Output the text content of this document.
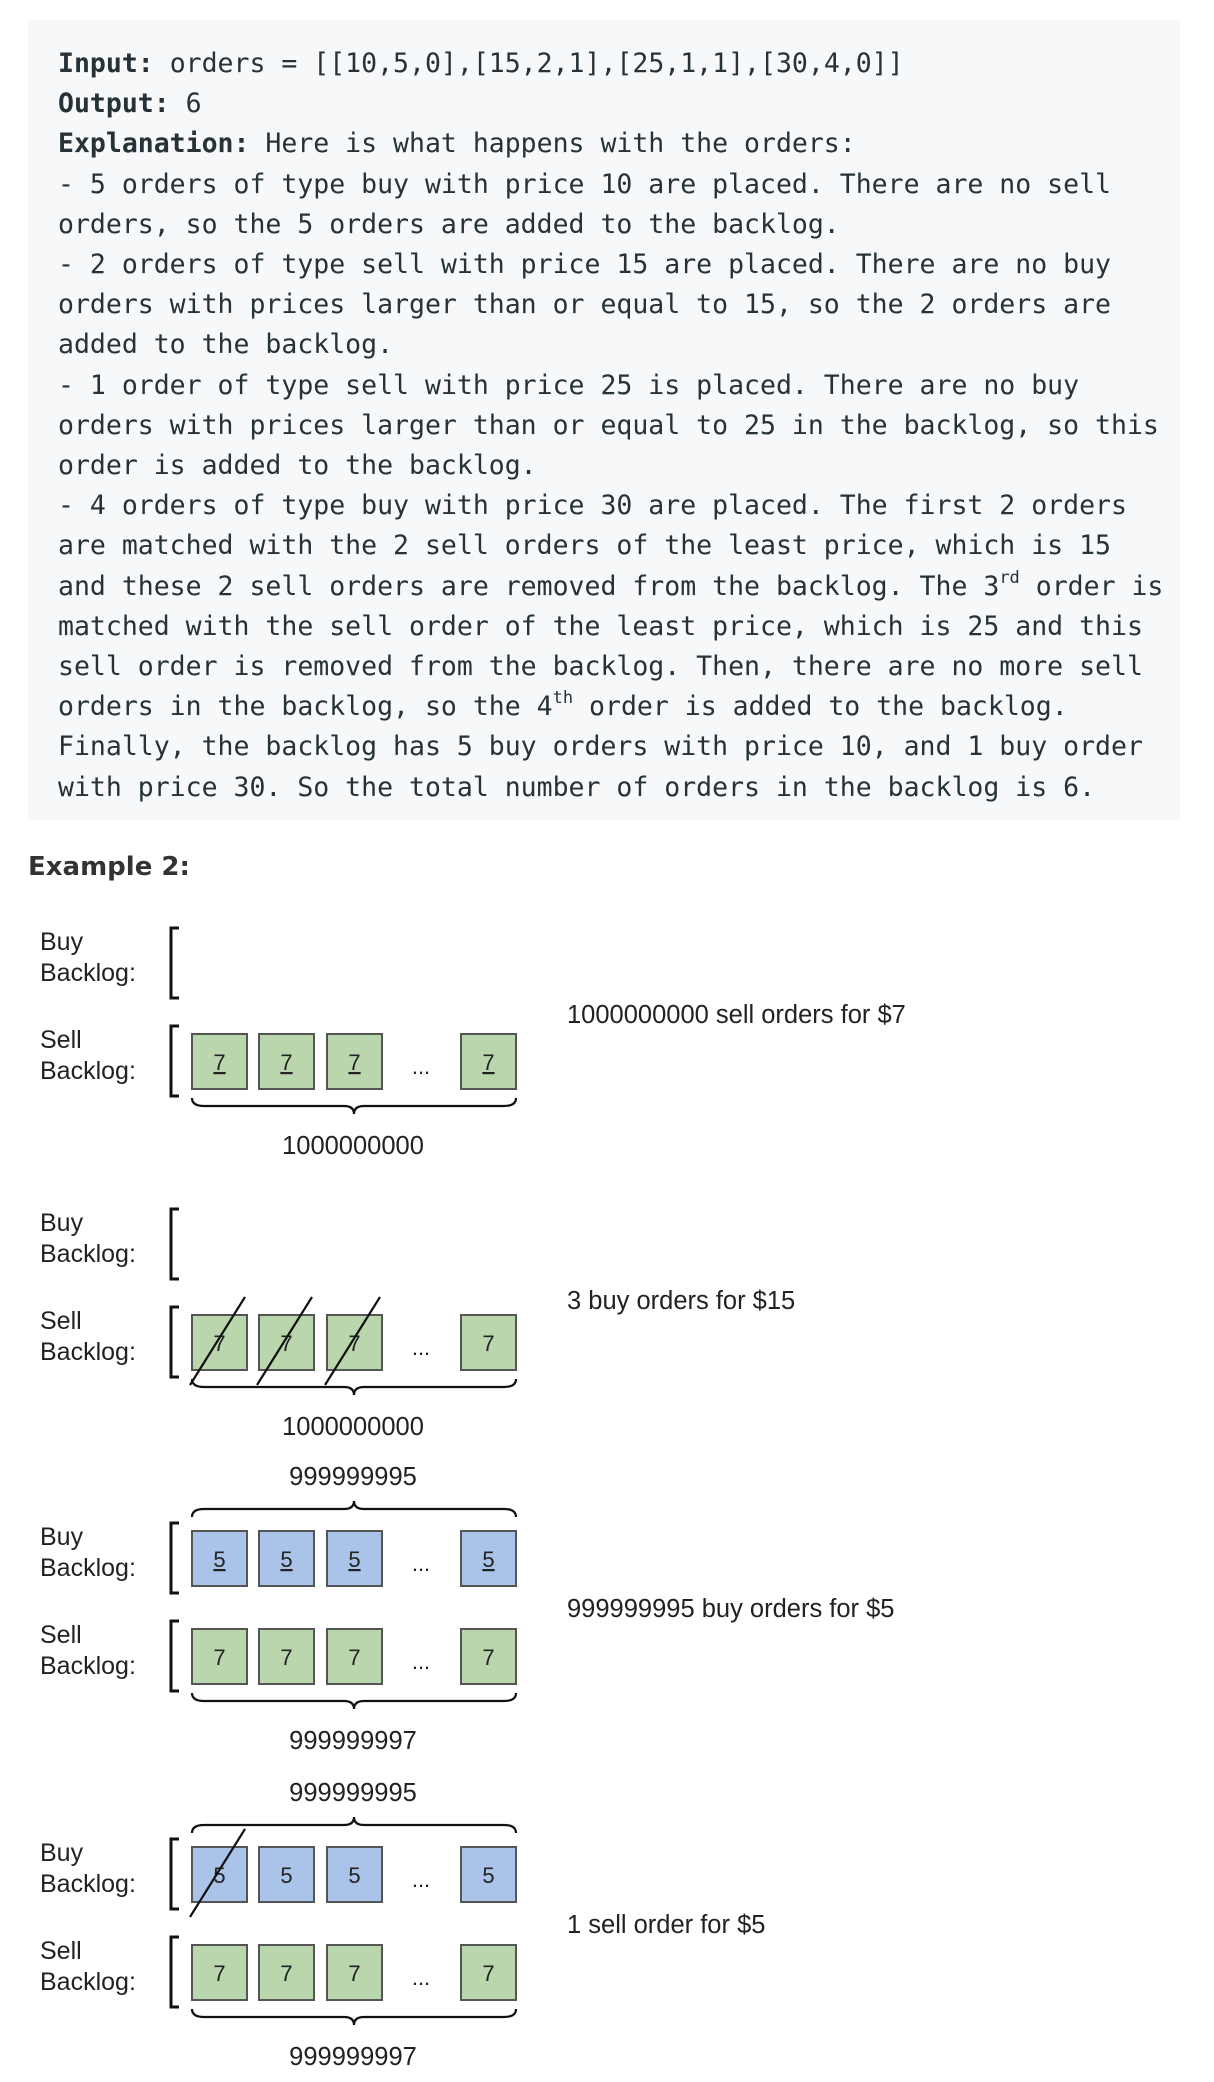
Input: orders = [[10,5,0],[15,2,1],[25,1,1],[30,4,0]]
Output: 6
Explanation: Here is what happens with the orders:
- 5 orders of type buy with price 10 are placed. There are no sell
orders, so the 5 orders are added to the backlog.
- 2 orders of type sell with price 15 are placed. There are no buy
orders with prices larger than or equal to 15, so the 2 orders are
added to the backlog.
- 1 order of type sell with price 25 is placed. There are no buy
orders with prices larger than or equal to 25 in the backlog, so this
order is added to the backlog.
- 4 orders of type buy with price 30 are placed. The first 2 orders
are matched with the 2 sell orders of the least price, which is 15
and these 2 sell orders are removed from the backlog. The 3rd order is
matched with the sell order of the least price, which is 25 and this
sell order is removed from the backlog. Then, there are no more sell
orders in the backlog, so the 4th order is added to the backlog.
Finally, the backlog has 5 buy orders with price 10, and 1 buy order
with price 30. So the total number of orders in the backlog is 6.
Example 2:
1000000000 sell orders for $7
Buy
Backlog:
Sell
Backlog:	7 7	7	7
...
1000000000
3 buy orders for $15
Buy
Backlog:
Sell
Backlog:	7 7	7	7
...
1000000000
999999995 buy orders for $5
Buy
Backlog:	5 5	5	5
...
Sell
Backlog:	7 7	7	7
...
999999995
999999997
1 sell order for $5
Buy
Backlog:	5 5	5	5
...
Sell
Backlog:	7 7	7	7
...
999999995
999999997
